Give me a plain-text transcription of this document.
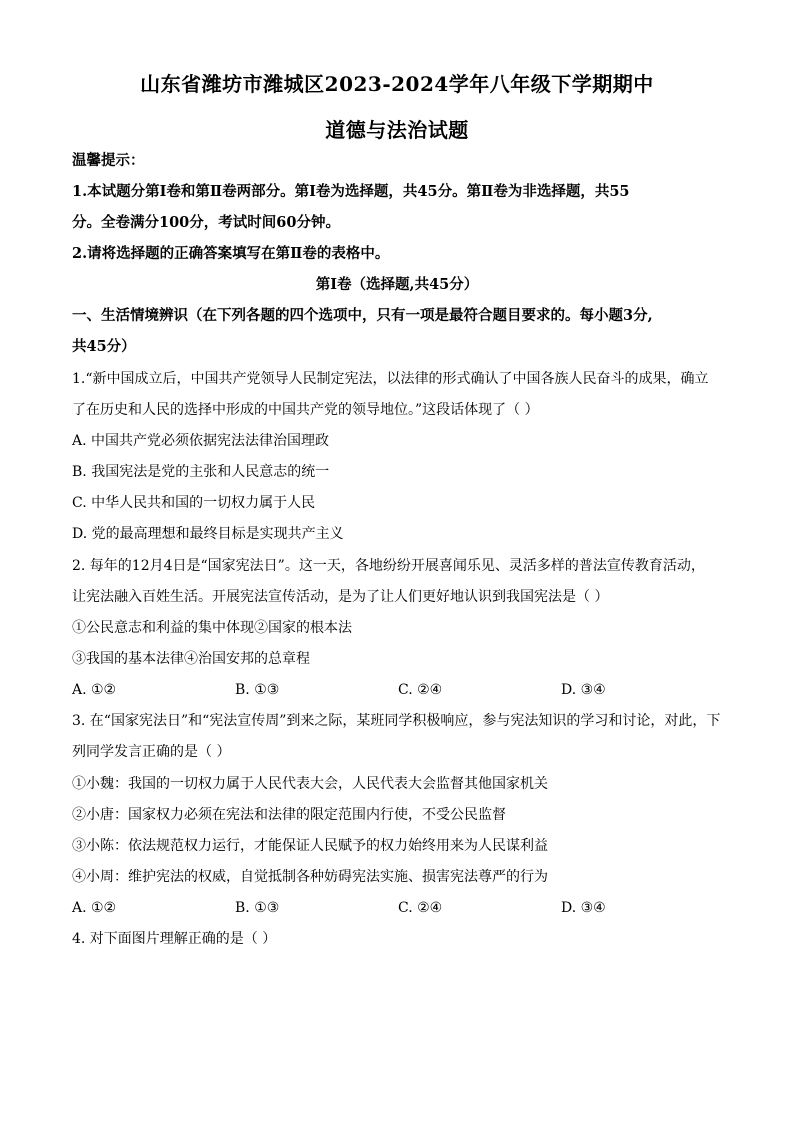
山东省潍坊市潍城区2023-2024学年八年级下学期期中
道德与法治试题
温馨提示：
1.本试题分第Ⅰ卷和第Ⅱ卷两部分。第Ⅰ卷为选择题，共45分。第Ⅱ卷为非选择题，共55
分。全卷满分100分，考试时间60分钟。
2.请将选择题的正确答案填写在第Ⅱ卷的表格中。
第Ⅰ卷（选择题,共45分）
一、生活情境辨识（在下列各题的四个选项中，只有一项是最符合题目要求的。每小题3分,
共45分）
1.“新中国成立后，中国共产党领导人民制定宪法，以法律的形式确认了中国各族人民奋斗的成果，确立
了在历史和人民的选择中形成的中国共产党的领导地位。”这段话体现了（ ）
A. 中国共产党必须依据宪法法律治国理政
B. 我国宪法是党的主张和人民意志的统一
C. 中华人民共和国的一切权力属于人民
D. 党的最高理想和最终目标是实现共产主义
2. 每年的12月4日是“国家宪法日”。这一天，各地纷纷开展喜闻乐见、灵活多样的普法宣传教育活动，
让宪法融入百姓生活。开展宪法宣传活动，是为了让人们更好地认识到我国宪法是（ ）
①公民意志和利益的集中体现②国家的根本法
③我国的基本法律④治国安邦的总章程
A. ①②	B. ①③	C. ②④	D. ③④
3. 在“国家宪法日”和“宪法宣传周”到来之际，某班同学积极响应，参与宪法知识的学习和讨论，对此，下
列同学发言正确的是（ ）
①小魏：我国的一切权力属于人民代表大会，人民代表大会监督其他国家机关
②小唐：国家权力必须在宪法和法律的限定范围内行使，不受公民监督
③小陈：依法规范权力运行，才能保证人民赋予的权力始终用来为人民谋利益
④小周：维护宪法的权威，自觉抵制各种妨碍宪法实施、损害宪法尊严的行为
A. ①②	B. ①③	C. ②④	D. ③④
4. 对下面图片理解正确的是（ ）
